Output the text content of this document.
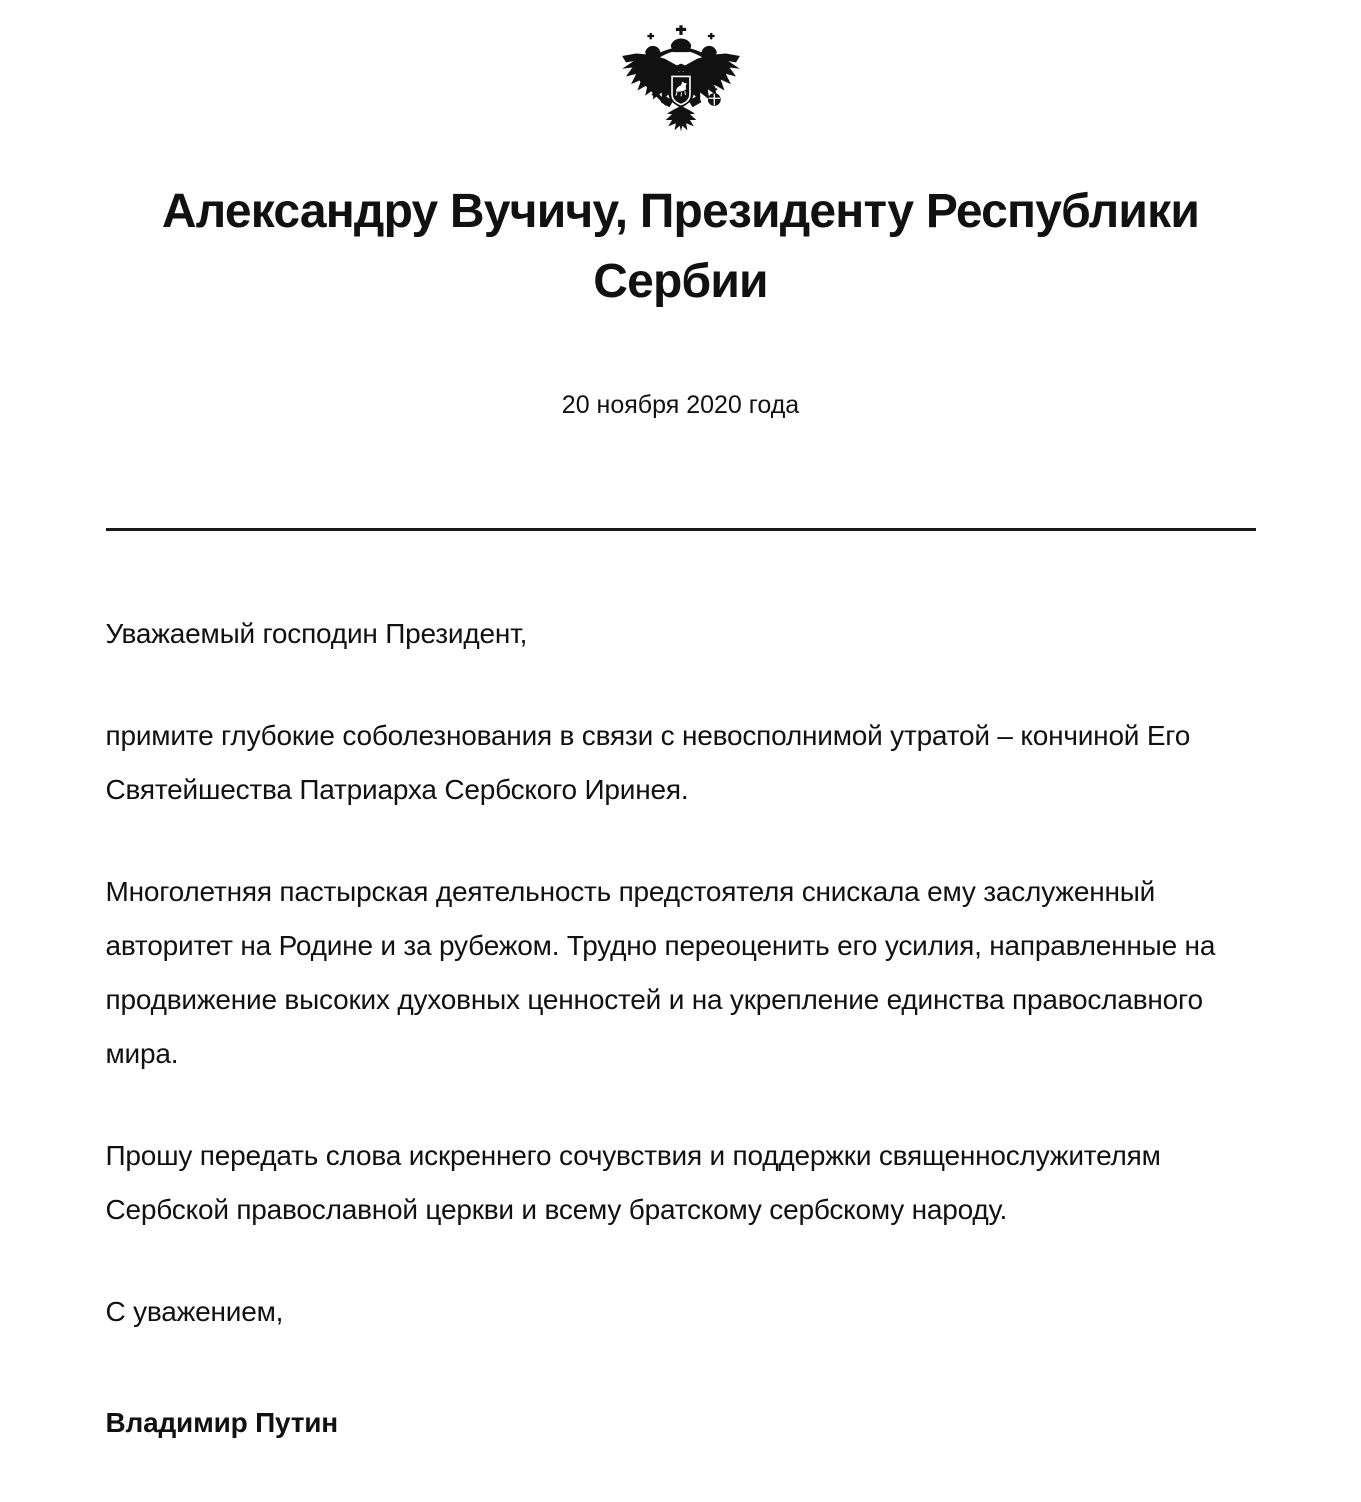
Александру Вучичу, Президенту Республики Сербии
20 ноября 2020 года

Уважаемый господин Президент,

примите глубокие соболезнования в связи с невосполнимой утратой – кончиной Его Святейшества Патриарха Сербского Иринея.

Многолетняя пастырская деятельность предстоятеля снискала ему заслуженный авторитет на Родине и за рубежом. Трудно переоценить его усилия, направленные на продвижение высоких духовных ценностей и на укрепление единства православного мира.

Прошу передать слова искреннего сочувствия и поддержки священнослужителям Сербской православной церкви и всему братскому сербскому народу.

С уважением,

Владимир Путин
